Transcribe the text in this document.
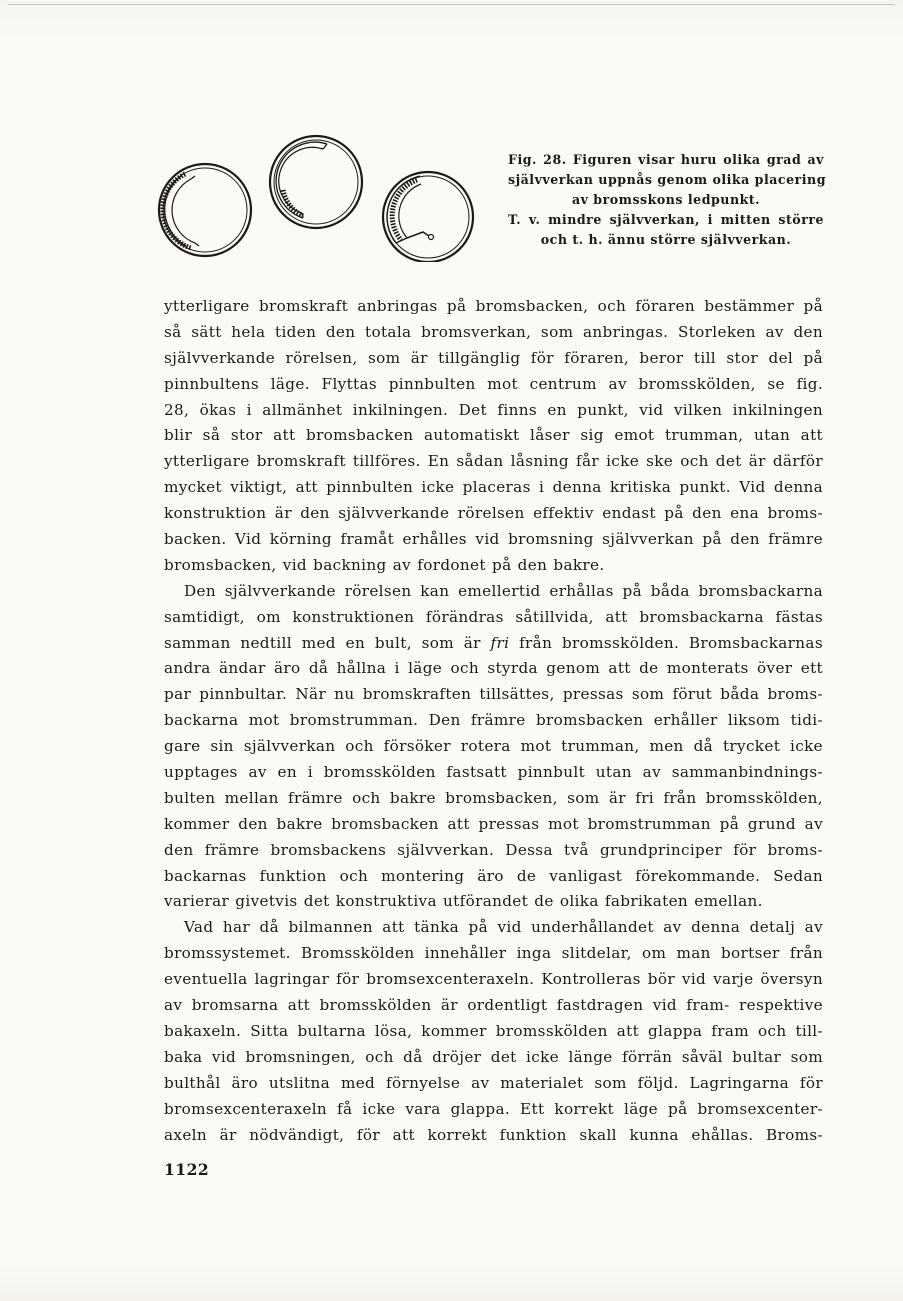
Fig. 28. Figuren visar huru olika grad av
självverkan uppnås genom olika placering
av bromsskons ledpunkt.
T. v. mindre självverkan, i mitten större
och t. h. ännu större självverkan.
ytterligare bromskraft anbringas på bromsbacken, och föraren bestämmer på
så sätt hela tiden den totala bromsverkan, som anbringas. Storleken av den
självverkande rörelsen, som är tillgänglig för föraren, beror till stor del på
pinnbultens läge. Flyttas pinnbulten mot centrum av bromsskölden, se fig.
28, ökas i allmänhet inkilningen. Det finns en punkt, vid vilken inkilningen
blir så stor att bromsbacken automatiskt låser sig emot trumman, utan att
ytterligare bromskraft tillföres. En sådan låsning får icke ske och det är därför
mycket viktigt, att pinnbulten icke placeras i denna kritiska punkt. Vid denna
konstruktion är den självverkande rörelsen effektiv endast på den ena broms-
backen. Vid körning framåt erhålles vid bromsning självverkan på den främre
bromsbacken, vid backning av fordonet på den bakre.
Den självverkande rörelsen kan emellertid erhållas på båda bromsbackarna
samtidigt, om konstruktionen förändras såtillvida, att bromsbackarna fästas
samman nedtill med en bult, som är fri från bromsskölden. Bromsbackarnas
andra ändar äro då hållna i läge och styrda genom att de monterats över ett
par pinnbultar. När nu bromskraften tillsättes, pressas som förut båda broms-
backarna mot bromstrumman. Den främre bromsbacken erhåller liksom tidi-
gare sin självverkan och försöker rotera mot trumman, men då trycket icke
upptages av en i bromsskölden fastsatt pinnbult utan av sammanbindnings-
bulten mellan främre och bakre bromsbacken, som är fri från bromsskölden,
kommer den bakre bromsbacken att pressas mot bromstrumman på grund av
den främre bromsbackens självverkan. Dessa två grundprinciper för broms-
backarnas funktion och montering äro de vanligast förekommande. Sedan
varierar givetvis det konstruktiva utförandet de olika fabrikaten emellan.
Vad har då bilmannen att tänka på vid underhållandet av denna detalj av
bromssystemet. Bromsskölden innehåller inga slitdelar, om man bortser från
eventuella lagringar för bromsexcenteraxeln. Kontrolleras bör vid varje översyn
av bromsarna att bromsskölden är ordentligt fastdragen vid fram- respektive
bakaxeln. Sitta bultarna lösa, kommer bromsskölden att glappa fram och till-
baka vid bromsningen, och då dröjer det icke länge förrän såväl bultar som
bulthål äro utslitna med förnyelse av materialet som följd. Lagringarna för
bromsexcenteraxeln få icke vara glappa. Ett korrekt läge på bromsexcenter-
axeln är nödvändigt, för att korrekt funktion skall kunna ehållas. Broms-
1122
